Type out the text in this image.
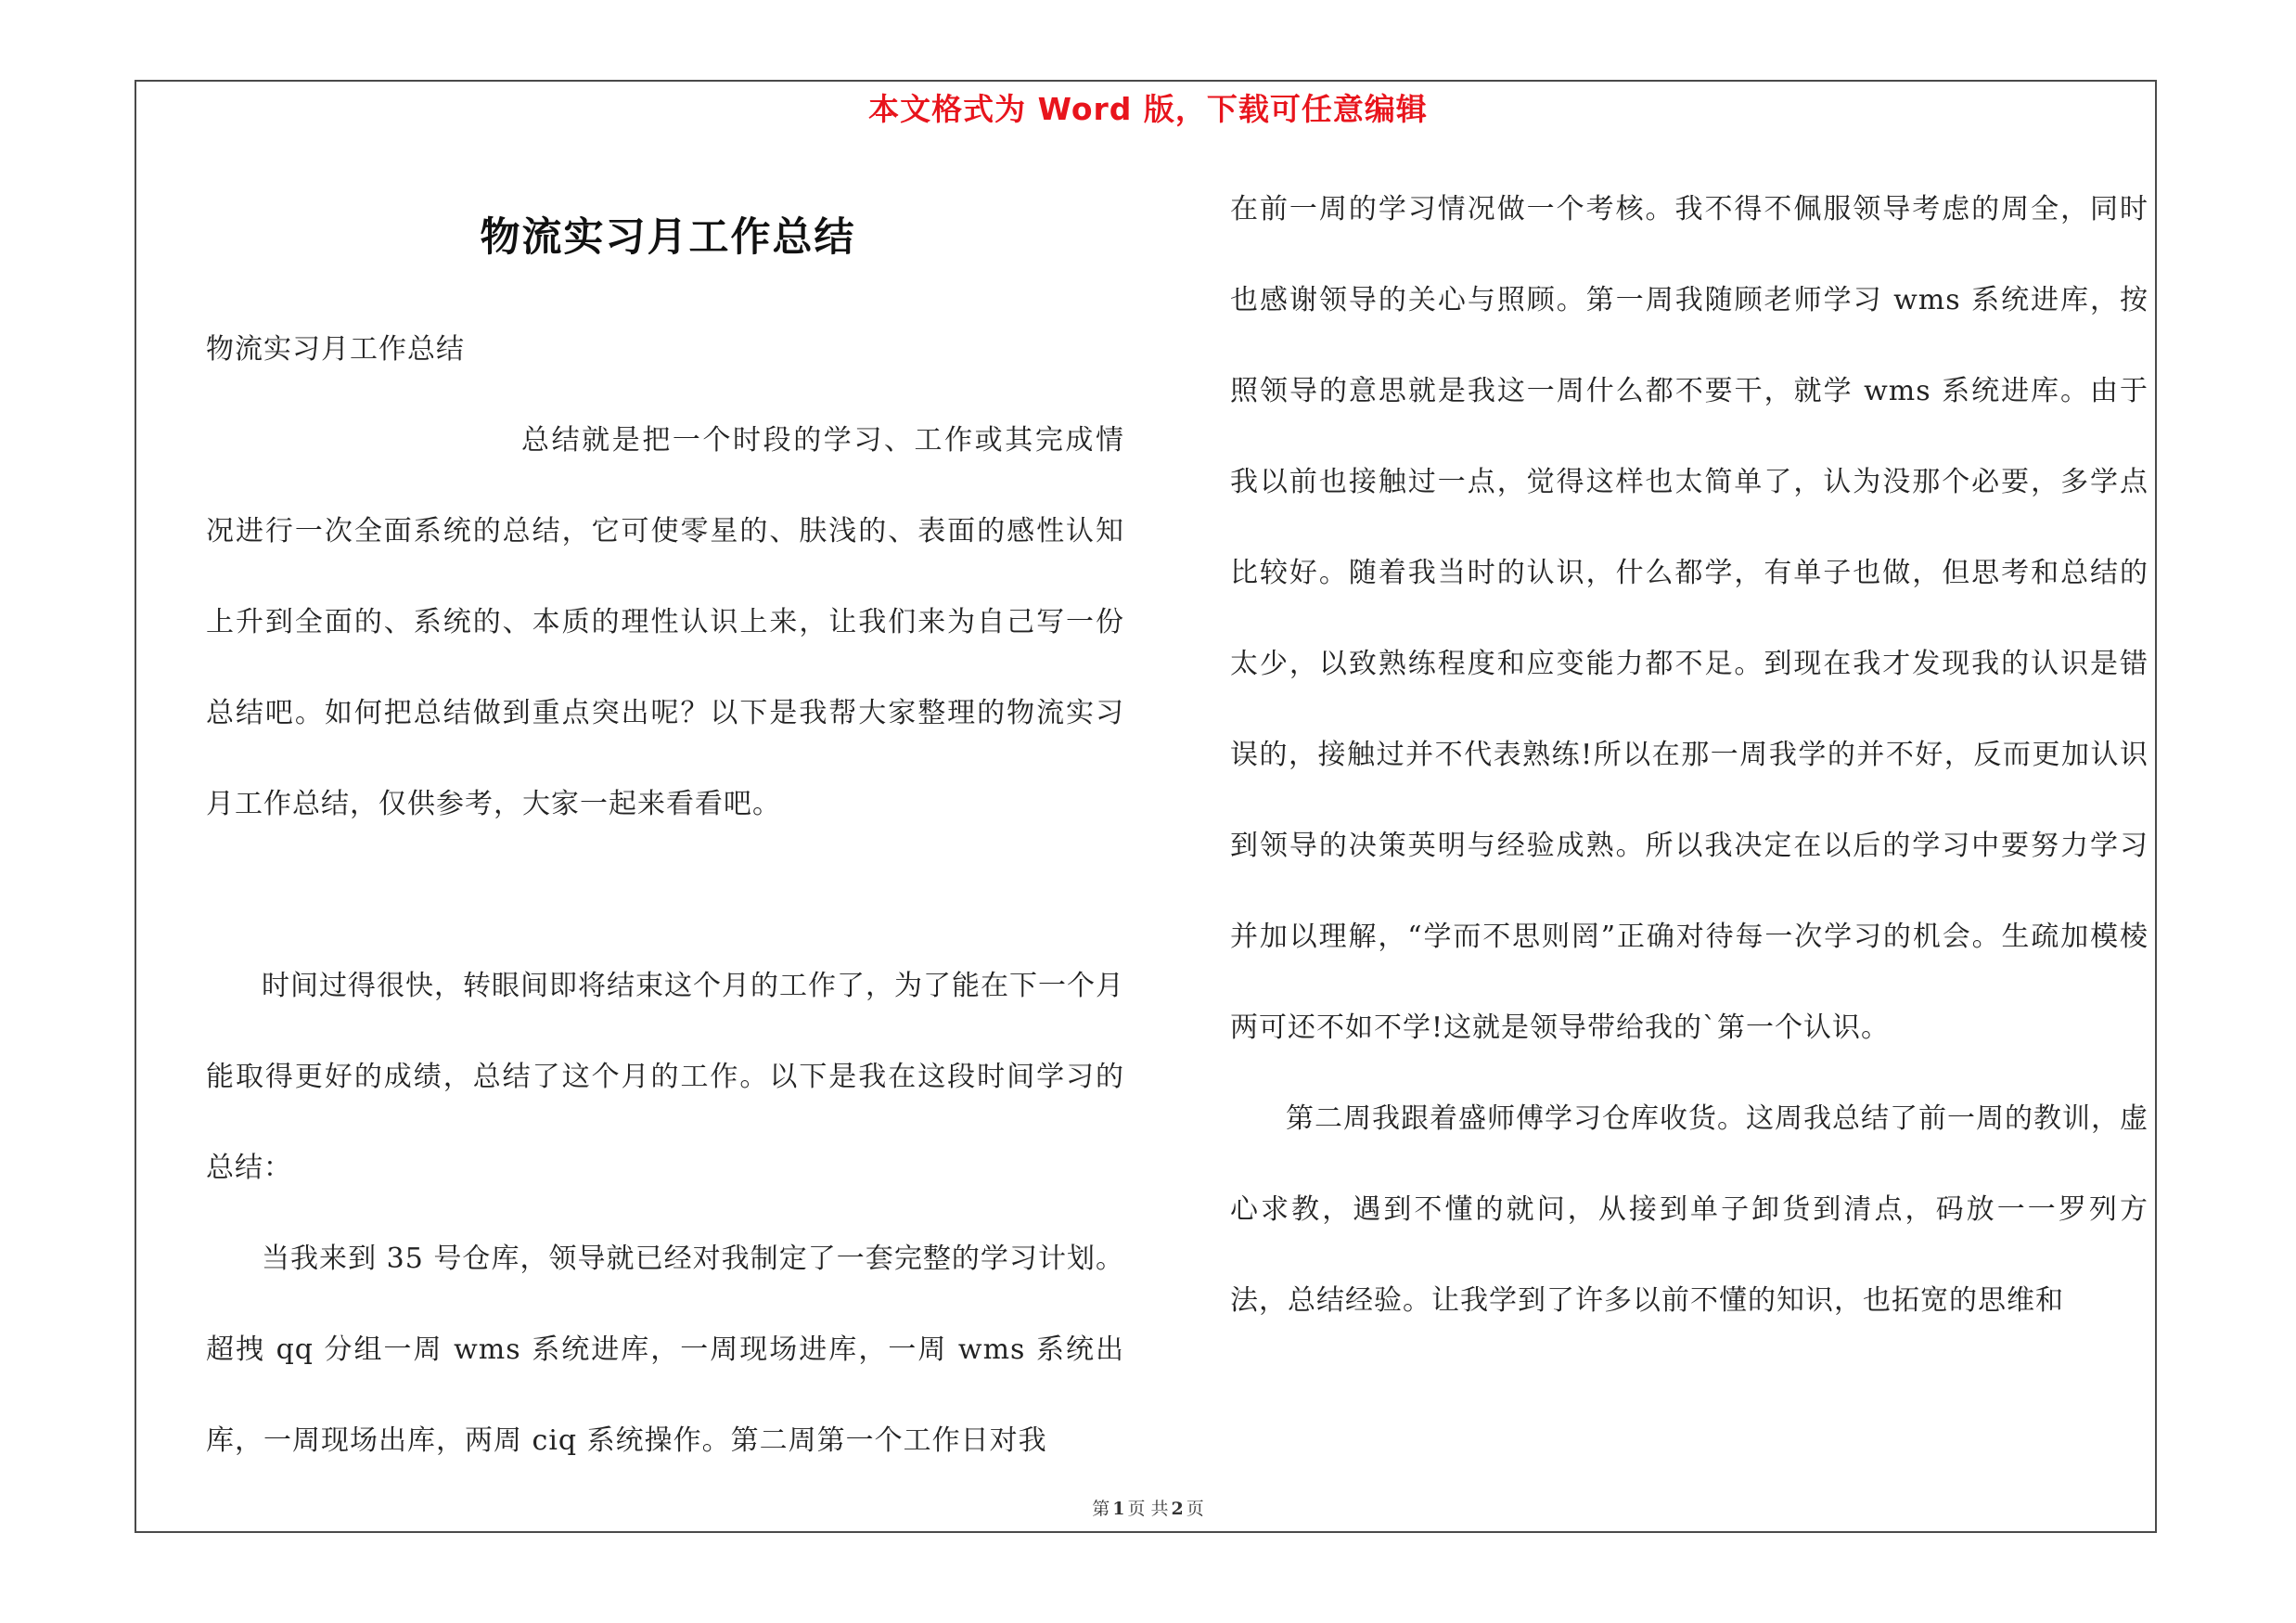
本文格式为 Word 版，下载可任意编辑
物流实习月工作总结

物流实习月工作总结

总结就是把一个时段的学习、工作或其完成情况进行一次全面系统的总结，它可使零星的、肤浅的、表面的感性认知上升到全面的、系统的、本质的理性认识上来，让我们来为自己写一份总结吧。如何把总结做到重点突出呢？以下是我帮大家整理的物流实习月工作总结，仅供参考，大家一起来看看吧。

时间过得很快，转眼间即将结束这个月的工作了，为了能在下一个月能取得更好的成绩，总结了这个月的工作。以下是我在这段时间学习的总结：

当我来到 35 号仓库，领导就已经对我制定了一套完整的学习计划。超拽 qq 分组一周 wms 系统进库，一周现场进库，一周 wms 系统出库，一周现场出库，两周 ciq 系统操作。第二周第一个工作日对我

在前一周的学习情况做一个考核。我不得不佩服领导考虑的周全，同时也感谢领导的关心与照顾。第一周我随顾老师学习 wms 系统进库，按照领导的意思就是我这一周什么都不要干，就学 wms 系统进库。由于我以前也接触过一点，觉得这样也太简单了，认为没那个必要，多学点比较好。随着我当时的认识，什么都学，有单子也做，但思考和总结的太少，以致熟练程度和应变能力都不足。到现在我才发现我的认识是错误的，接触过并不代表熟练!所以在那一周我学的并不好，反而更加认识到领导的决策英明与经验成熟。所以我决定在以后的学习中要努力学习并加以理解，“学而不思则罔”正确对待每一次学习的机会。生疏加模棱两可还不如不学!这就是领导带给我的`第一个认识。

第二周我跟着盛师傅学习仓库收货。这周我总结了前一周的教训，虚心求教，遇到不懂的就问，从接到单子卸货到清点，码放一一罗列方法，总结经验。让我学到了许多以前不懂的知识，也拓宽的思维和

第 1 页 共 2 页
